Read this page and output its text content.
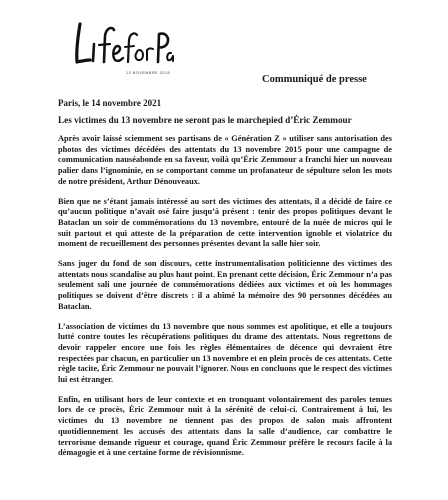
13 NOVEMBRE 2015
Communiqué de presse
Paris, le 14 novembre 2021
Les victimes du 13 novembre ne seront pas le marchepied d’Éric Zemmour

Après avoir laissé sciemment ses partisans de « Génération Z » utiliser sans autorisation des photos des victimes décédées des attentats du 13 novembre 2015 pour une campagne de communication nauséabonde en sa faveur, voilà qu’Éric Zemmour a franchi hier un nouveau palier dans l’ignominie, en se comportant comme un profanateur de sépulture selon les mots de notre président, Arthur Dénouveaux.

Bien que ne s’étant jamais intéressé au sort des victimes des attentats, il a décidé de faire ce qu’aucun politique n’avait osé faire jusqu’à présent : tenir des propos politiques devant le Bataclan un soir de commémorations du 13 novembre, entouré de la nuée de micros qui le suit partout et qui atteste de la préparation de cette intervention ignoble et violatrice du moment de recueillement des personnes présentes devant la salle hier soir.

Sans juger du fond de son discours, cette instrumentalisation politicienne des victimes des attentats nous scandalise au plus haut point. En prenant cette décision, Éric Zemmour n’a pas seulement sali une journée de commémorations dédiées aux victimes et où les hommages politiques se doivent d’être discrets : il a abîmé la mémoire des 90 personnes décédées au Bataclan.

L’association de victimes du 13 novembre que nous sommes est apolitique, et elle a toujours lutté contre toutes les récupérations politiques du drame des attentats. Nous regrettons de devoir rappeler encore une fois les règles élémentaires de décence qui devraient être respectées par chacun, en particulier un 13 novembre et en plein procès de ces attentats. Cette règle tacite, Éric Zemmour ne pouvait l’ignorer. Nous en concluons que le respect des victimes lui est étranger.

Enfin, en utilisant hors de leur contexte et en tronquant volontairement des paroles tenues lors de ce procès, Éric Zemmour nuit à la sérénité de celui-ci. Contrairement à lui, les victimes du 13 novembre ne tiennent pas des propos de salon mais affrontent quotidiennement les accusés des attentats dans la salle d’audience, car combattre le terrorisme demande rigueur et courage, quand Éric Zemmour préfère le recours facile à la démagogie et à une certaine forme de révisionnisme.
